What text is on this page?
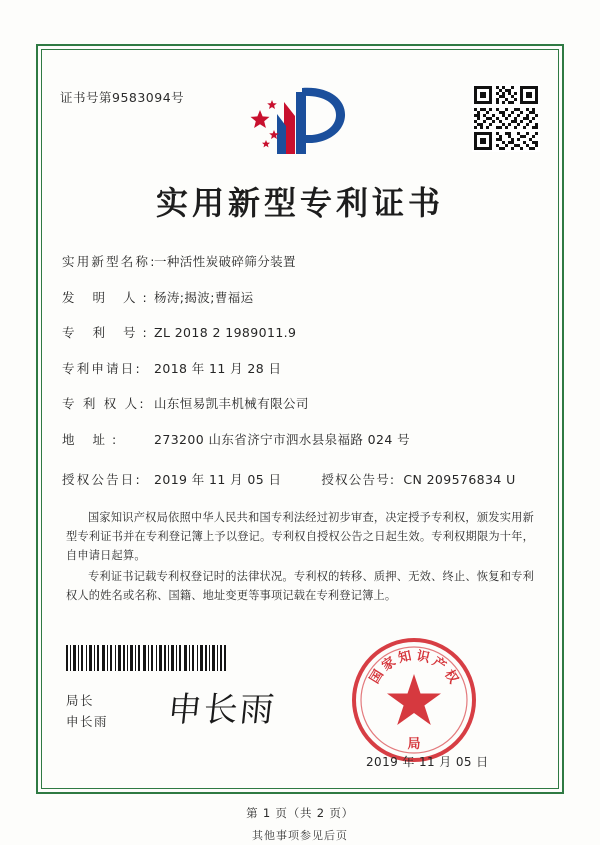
证书号第9583094号
实用新型专利证书
实用新型名称:
一种活性炭破碎筛分装置
发 明 人: 杨涛;揭波;曹福运
专 利 号: ZL 2018 2 1989011.9
专利申请日: 2018 年 11 月 28 日
专 利 权 人: 山东恒易凯丰机械有限公司
地 址:	273200 山东省济宁市泗水县泉福路 024 号
授权公告日: 2019 年 11 月 05 日	授权公告号: CN 209576834 U
国家知识产权局依照中华人民共和国专利法经过初步审查，决定授予专利权，颁发实用新型专利证书并在专利登记簿上予以登记。专利权自授权公告之日起生效。专利权期限为十年，自申请日起算。
专利证书记载专利权登记时的法律状况。专利权的转移、质押、无效、终止、恢复和专利权人的姓名或名称、国籍、地址变更等事项记载在专利登记簿上。
局长
申长雨 申长雨
国
家
知 识
产
权
局
2019 年 11 月 05 日
第 1 页（共 2 页）
其他事项参见后页
